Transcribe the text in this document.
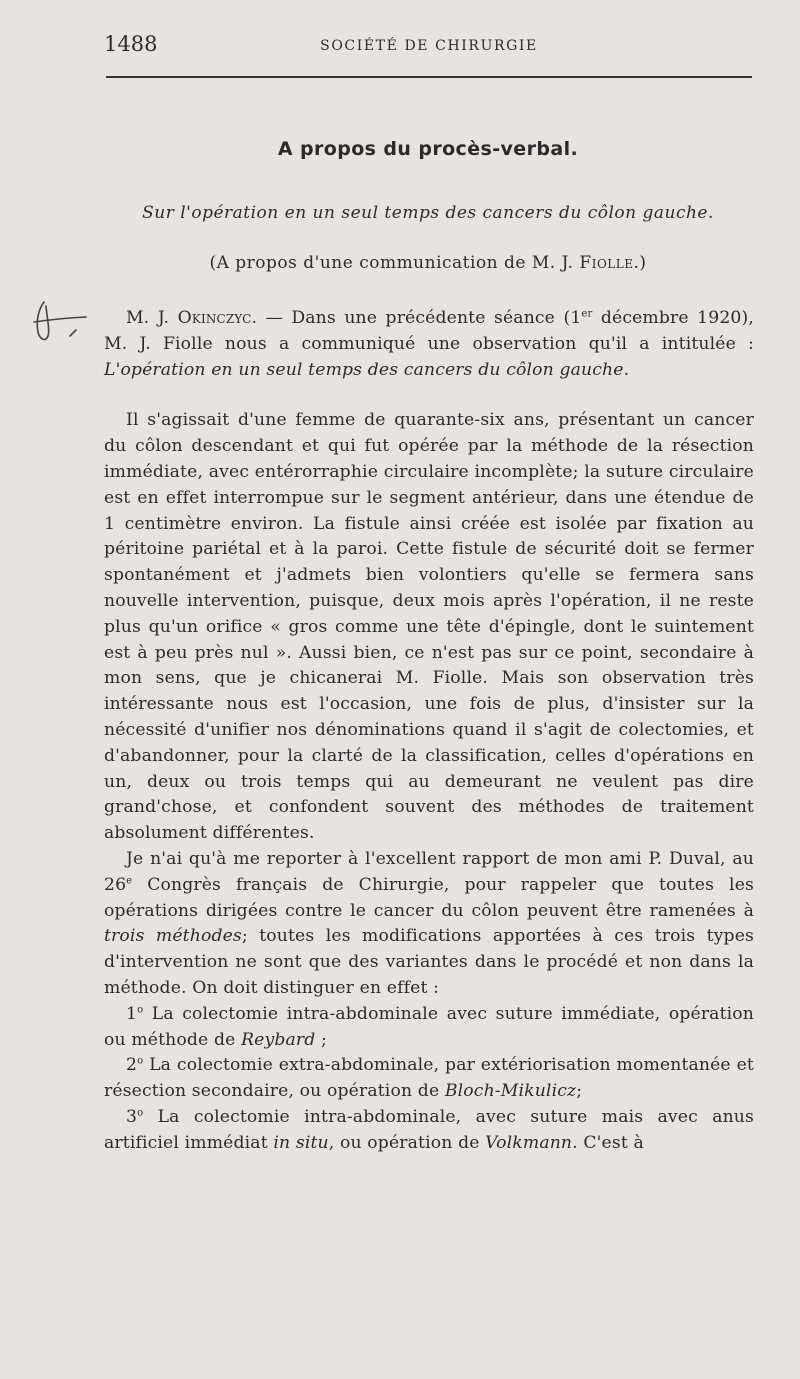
1488	SOCIÉTÉ DE CHIRURGIE
A propos du procès-verbal.
Sur l'opération en un seul temps des cancers du côlon gauche.
(A propos d'une communication de M. J. Fiolle.)

M. J. Okinczyc. — Dans une précédente séance (1er décembre 1920), M. J. Fiolle nous a communiqué une observation qu'il a intitulée : L'opération en un seul temps des cancers du côlon gauche.

Il s'agissait d'une femme de quarante-six ans, présentant un cancer du côlon descendant et qui fut opérée par la méthode de la résection immédiate, avec entérorraphie circulaire incomplète; la suture circulaire est en effet interrompue sur le segment antérieur, dans une étendue de 1 centimètre environ. La fistule ainsi créée est isolée par fixation au péritoine pariétal et à la paroi. Cette fistule de sécurité doit se fermer spontanément et j'admets bien volontiers qu'elle se fermera sans nouvelle intervention, puisque, deux mois après l'opération, il ne reste plus qu'un orifice « gros comme une tête d'épingle, dont le suintement est à peu près nul ». Aussi bien, ce n'est pas sur ce point, secondaire à mon sens, que je chicanerai M. Fiolle. Mais son observation très intéressante nous est l'occasion, une fois de plus, d'insister sur la nécessité d'unifier nos dénominations quand il s'agit de colectomies, et d'abandonner, pour la clarté de la classification, celles d'opérations en un, deux ou trois temps qui au demeurant ne veulent pas dire grand'chose, et confondent souvent des méthodes de traitement absolument différentes.

Je n'ai qu'à me reporter à l'excellent rapport de mon ami P. Duval, au 26e Congrès français de Chirurgie, pour rappeler que toutes les opérations dirigées contre le cancer du côlon peuvent être ramenées à trois méthodes; toutes les modifications apportées à ces trois types d'intervention ne sont que des variantes dans le procédé et non dans la méthode. On doit distinguer en effet :

1$^o$ La colectomie intra-abdominale avec suture immédiate, opération ou méthode de Reybard ;

2$^o$ La colectomie extra-abdominale, par extériorisation momentanée et résection secondaire, ou opération de Bloch-Mikulicz;

3$^o$ La colectomie intra-abdominale, avec suture mais avec anus artificiel immédiat in situ, ou opération de Volkmann. C'est à
